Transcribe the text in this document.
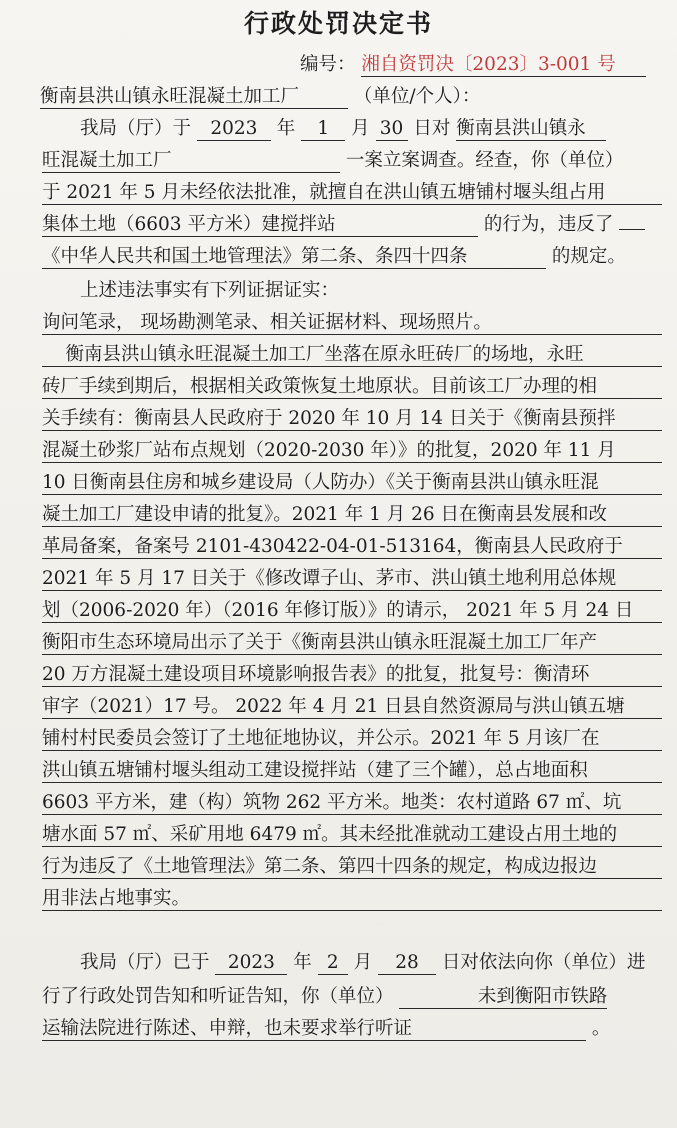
行政处罚决定书
编号： 湘自资罚决〔2023〕3-001 号
衡南县洪山镇永旺混凝土加工厂	（单位/个人）：
我局（厅）于 2023 年 1 月 30 日对 衡南县洪山镇永
旺混凝土加工厂	一案立案调查。经查，你（单位）
于 2021 年 5 月未经依法批准，就擅自在洪山镇五塘铺村堰头组占用
集体土地（6603 平方米）建搅拌站	的行为，违反了
《中华人民共和国土地管理法》第二条、条四十四条	的规定。
上述违法事实有下列证据证实：
询问笔录， 现场勘测笔录、相关证据材料、现场照片。
衡南县洪山镇永旺混凝土加工厂坐落在原永旺砖厂的场地，永旺
砖厂手续到期后，根据相关政策恢复土地原状。目前该工厂办理的相
关手续有：衡南县人民政府于 2020 年 10 月 14 日关于《衡南县预拌
混凝土砂浆厂站布点规划（2020-2030 年）》的批复，2020 年 11 月
10 日衡南县住房和城乡建设局（人防办）《关于衡南县洪山镇永旺混
凝土加工厂建设申请的批复》。2021 年 1 月 26 日在衡南县发展和改
革局备案，备案号 2101-430422-04-01-513164，衡南县人民政府于
2021 年 5 月 17 日关于《修改谭子山、茅市、洪山镇土地利用总体规
划（2006-2020 年）（2016 年修订版）》的请示， 2021 年 5 月 24 日
衡阳市生态环境局出示了关于《衡南县洪山镇永旺混凝土加工厂年产
20 万方混凝土建设项目环境影响报告表》的批复，批复号：衡清环
审字（2021）17 号。 2022 年 4 月 21 日县自然资源局与洪山镇五塘
铺村村民委员会签订了土地征地协议，并公示。2021 年 5 月该厂在
洪山镇五塘铺村堰头组动工建设搅拌站（建了三个罐），总占地面积
6603 平方米，建（构）筑物 262 平方米。地类：农村道路 67 ㎡、坑
塘水面 57 ㎡、采矿用地 6479 ㎡。其未经批准就动工建设占用土地的
行为违反了《土地管理法》第二条、第四十四条的规定，构成边报边
用非法占地事实。
我局（厅）已于 2023 年 2 月 28 日对依法向你（单位）进
行了行政处罚告知和听证告知，你（单位）	未到衡阳市铁路
运输法院进行陈述、申辩，也未要求举行听证	。
